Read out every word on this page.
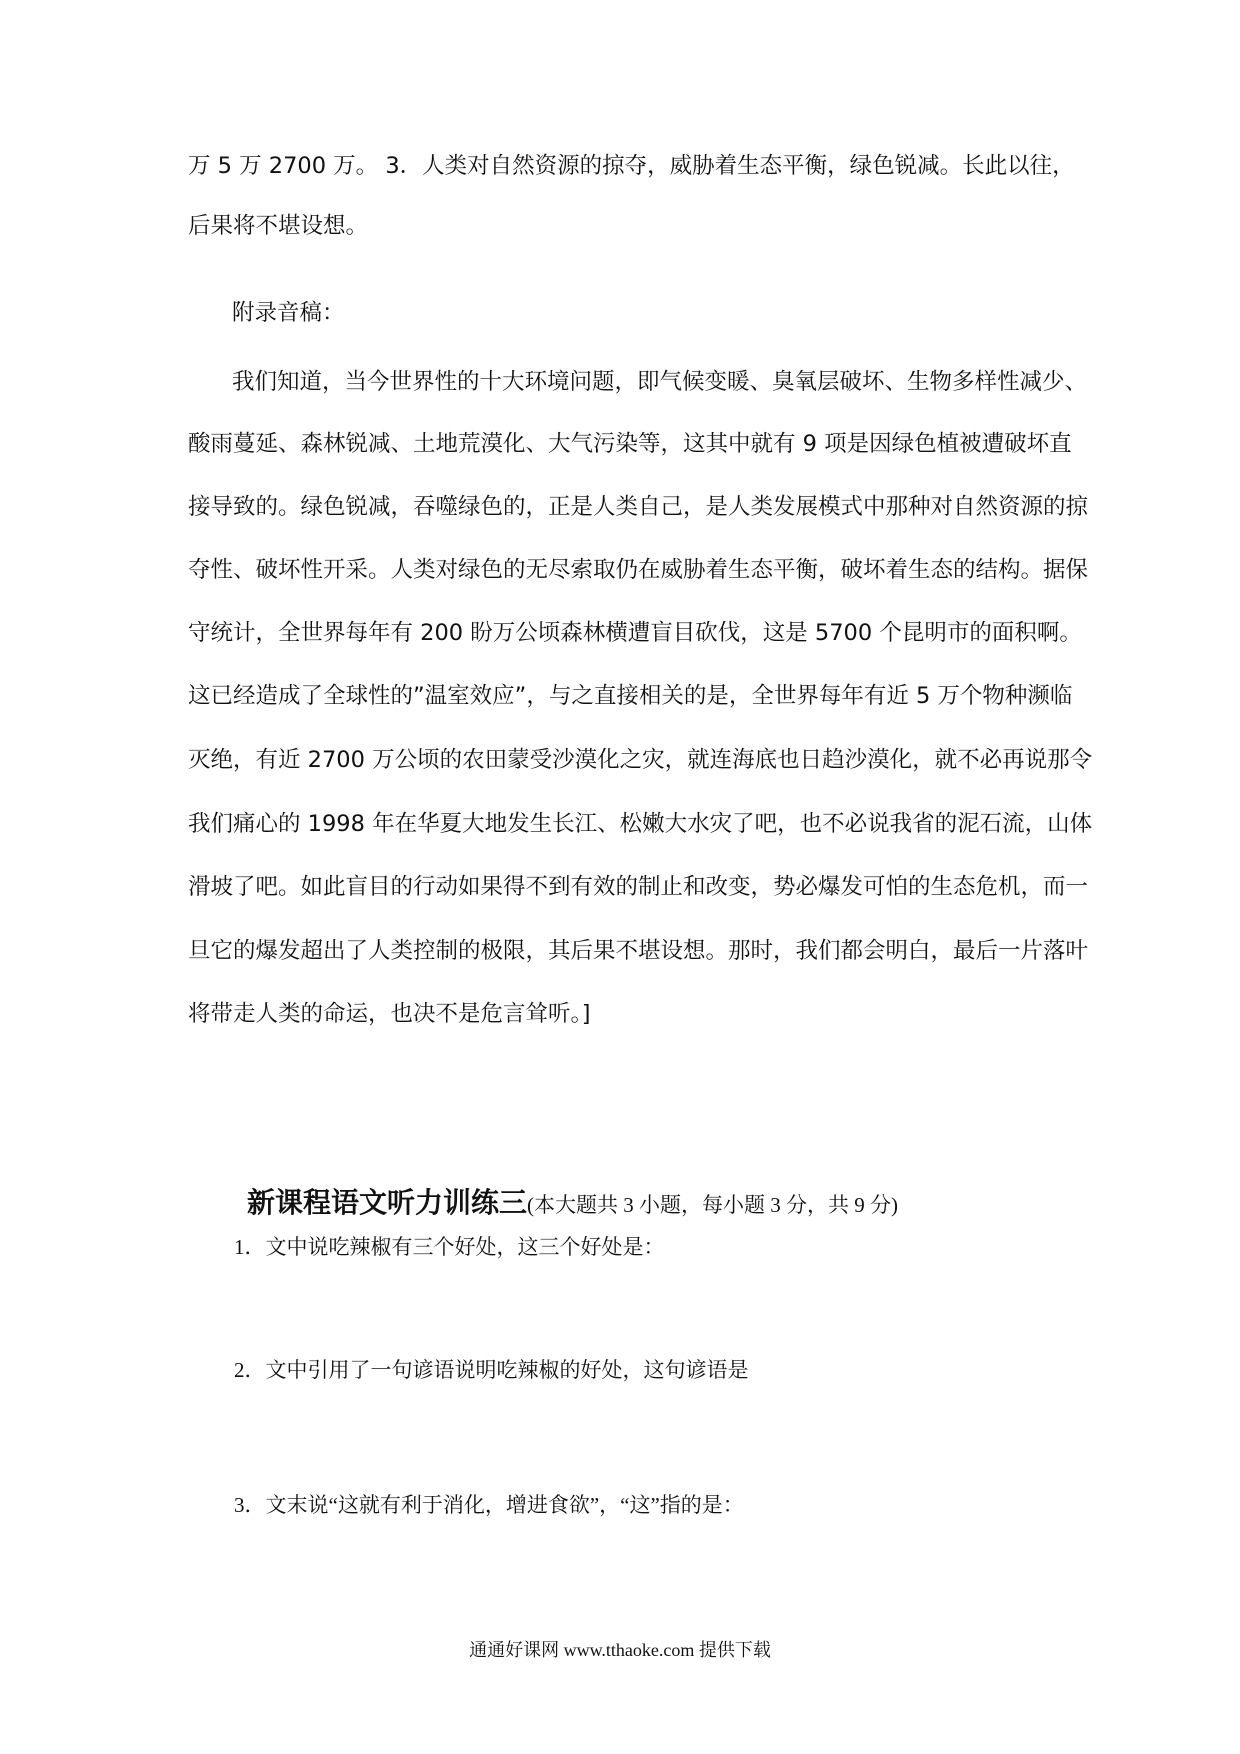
万 5 万 2700 万。 3．人类对自然资源的掠夺，威胁着生态平衡，绿色锐减。长此以往，
后果将不堪设想。
附录音稿：
我们知道，当今世界性的十大环境问题，即气候变暖、臭氧层破坏、生物多样性减少、
酸雨蔓延、森林锐减、土地荒漠化、大气污染等，这其中就有 9 项是因绿色植被遭破坏直
接导致的。绿色锐减，吞噬绿色的，正是人类自己，是人类发展模式中那种对自然资源的掠
夺性、破坏性开采。人类对绿色的无尽索取仍在威胁着生态平衡，破坏着生态的结构。据保
守统计，全世界每年有 200 盼万公顷森林横遭盲目砍伐，这是 5700 个昆明市的面积啊。
这已经造成了全球性的”温室效应”，与之直接相关的是，全世界每年有近 5 万个物种濒临
灭绝，有近 2700 万公顷的农田蒙受沙漠化之灾，就连海底也日趋沙漠化，就不必再说那令
我们痛心的 1998 年在华夏大地发生长江、松嫩大水灾了吧，也不必说我省的泥石流，山体
滑坡了吧。如此盲目的行动如果得不到有效的制止和改变，势必爆发可怕的生态危机，而一
旦它的爆发超出了人类控制的极限，其后果不堪设想。那时，我们都会明白，最后一片落叶
将带走人类的命运，也决不是危言耸听。]
新课程语文听力训练三(本大题共 3 小题，每小题 3 分，共 9 分)
1．文中说吃辣椒有三个好处，这三个好处是：
2．文中引用了一句谚语说明吃辣椒的好处，这句谚语是
3．文末说“这就有利于消化，增进食欲”，“这”指的是：
通通好课网 www.tthaoke.com 提供下载
